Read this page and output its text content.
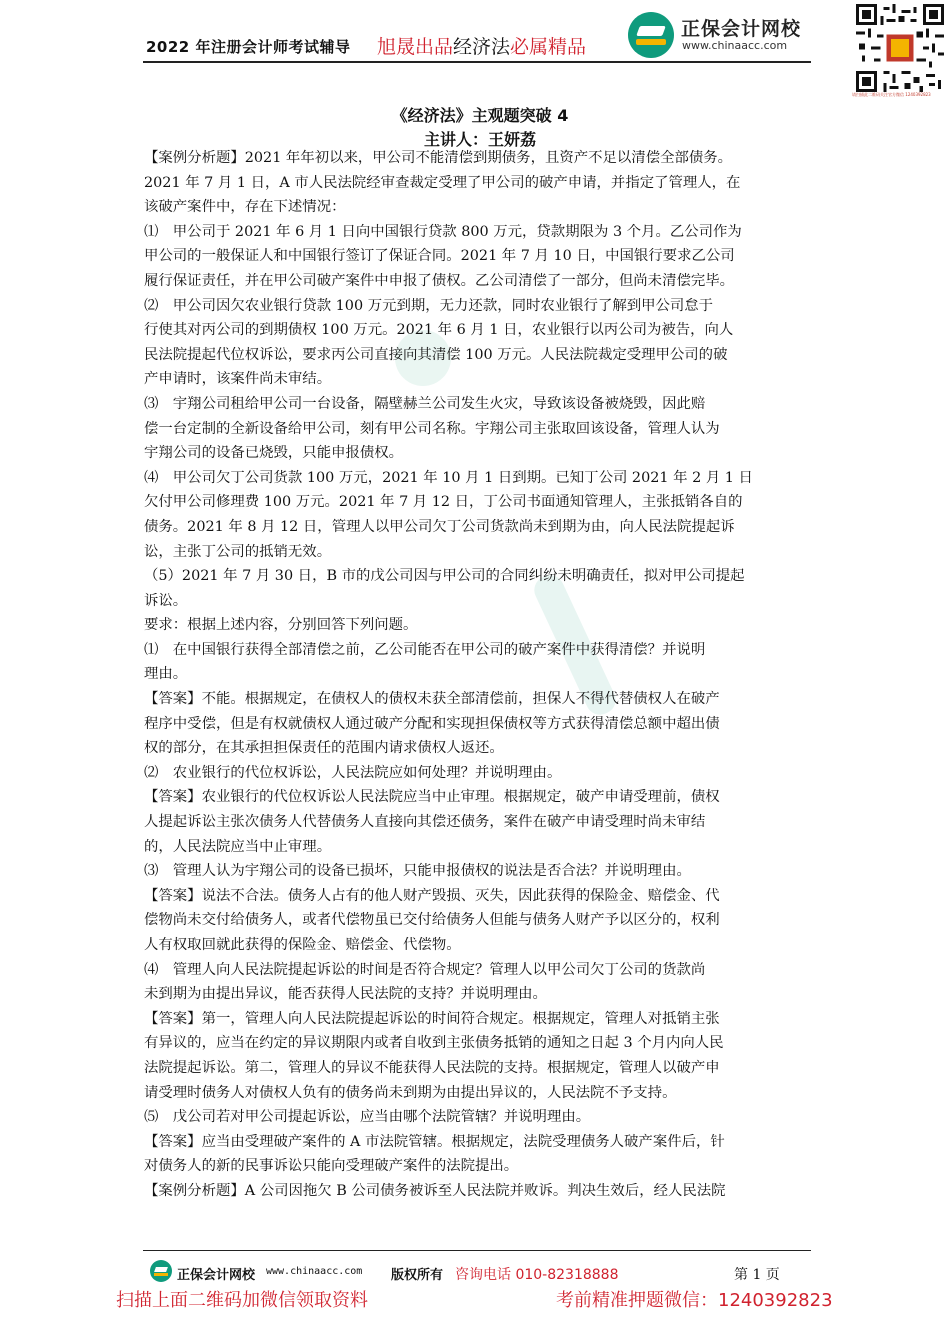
2022 年注册会计师考试辅导 旭晟出品经济法必属精品
正保会计网校
www.chinaacc.com
请扫描此二维码关注官方微信 1240392823
《经济法》主观题突破 4
主讲人：王妍荔
【案例分析题】2021 年年初以来，甲公司不能清偿到期债务，且资产不足以清偿全部债务。
2021 年 7 月 1 日，A 市人民法院经审查裁定受理了甲公司的破产申请，并指定了管理人，在
该破产案件中，存在下述情况：
⑴　甲公司于 2021 年 6 月 1 日向中国银行贷款 800 万元，贷款期限为 3 个月。乙公司作为
甲公司的一般保证人和中国银行签订了保证合同。2021 年 7 月 10 日，中国银行要求乙公司
履行保证责任，并在甲公司破产案件中申报了债权。乙公司清偿了一部分，但尚未清偿完毕。
⑵　甲公司因欠农业银行贷款 100 万元到期，无力还款，同时农业银行了解到甲公司怠于
行使其对丙公司的到期债权 100 万元。2021 年 6 月 1 日，农业银行以丙公司为被告，向人
民法院提起代位权诉讼，要求丙公司直接向其清偿 100 万元。人民法院裁定受理甲公司的破
产申请时，该案件尚未审结。
⑶　宇翔公司租给甲公司一台设备，隔壁赫兰公司发生火灾，导致该设备被烧毁，因此赔
偿一台定制的全新设备给甲公司，刻有甲公司名称。宇翔公司主张取回该设备，管理人认为
宇翔公司的设备已烧毁，只能申报债权。
⑷　甲公司欠丁公司货款 100 万元，2021 年 10 月 1 日到期。已知丁公司 2021 年 2 月 1 日
欠付甲公司修理费 100 万元。2021 年 7 月 12 日，丁公司书面通知管理人，主张抵销各自的
债务。2021 年 8 月 12 日，管理人以甲公司欠丁公司货款尚未到期为由，向人民法院提起诉
讼，主张丁公司的抵销无效。
（5）2021 年 7 月 30 日，B 市的戊公司因与甲公司的合同纠纷未明确责任，拟对甲公司提起
诉讼。
要求：根据上述内容，分别回答下列问题。
⑴　在中国银行获得全部清偿之前，乙公司能否在甲公司的破产案件中获得清偿？并说明
理由。
【答案】不能。根据规定，在债权人的债权未获全部清偿前，担保人不得代替债权人在破产
程序中受偿，但是有权就债权人通过破产分配和实现担保债权等方式获得清偿总额中超出债
权的部分，在其承担担保责任的范围内请求债权人返还。
⑵　农业银行的代位权诉讼，人民法院应如何处理？并说明理由。
【答案】农业银行的代位权诉讼人民法院应当中止审理。根据规定，破产申请受理前，债权
人提起诉讼主张次债务人代替债务人直接向其偿还债务，案件在破产申请受理时尚未审结
的，人民法院应当中止审理。
⑶　管理人认为宇翔公司的设备已损坏，只能申报债权的说法是否合法？并说明理由。
【答案】说法不合法。债务人占有的他人财产毁损、灭失，因此获得的保险金、赔偿金、代
偿物尚未交付给债务人，或者代偿物虽已交付给债务人但能与债务人财产予以区分的，权利
人有权取回就此获得的保险金、赔偿金、代偿物。
⑷　管理人向人民法院提起诉讼的时间是否符合规定？管理人以甲公司欠丁公司的货款尚
未到期为由提出异议，能否获得人民法院的支持？并说明理由。
【答案】第一，管理人向人民法院提起诉讼的时间符合规定。根据规定，管理人对抵销主张
有异议的，应当在约定的异议期限内或者自收到主张债务抵销的通知之日起 3 个月内向人民
法院提起诉讼。第二，管理人的异议不能获得人民法院的支持。根据规定，管理人以破产申
请受理时债务人对债权人负有的债务尚未到期为由提出异议的，人民法院不予支持。
⑸　戊公司若对甲公司提起诉讼，应当由哪个法院管辖？并说明理由。
【答案】应当由受理破产案件的 A 市法院管辖。根据规定，法院受理债务人破产案件后，针
对债务人的新的民事诉讼只能向受理破产案件的法院提出。
【案例分析题】A 公司因拖欠 B 公司债务被诉至人民法院并败诉。判决生效后，经人民法院
正保会计网校 www.chinaacc.com 版权所有 咨询电话 010-82318888	第 1 页
扫描上面二维码加微信领取资料	考前精准押题微信：1240392823
